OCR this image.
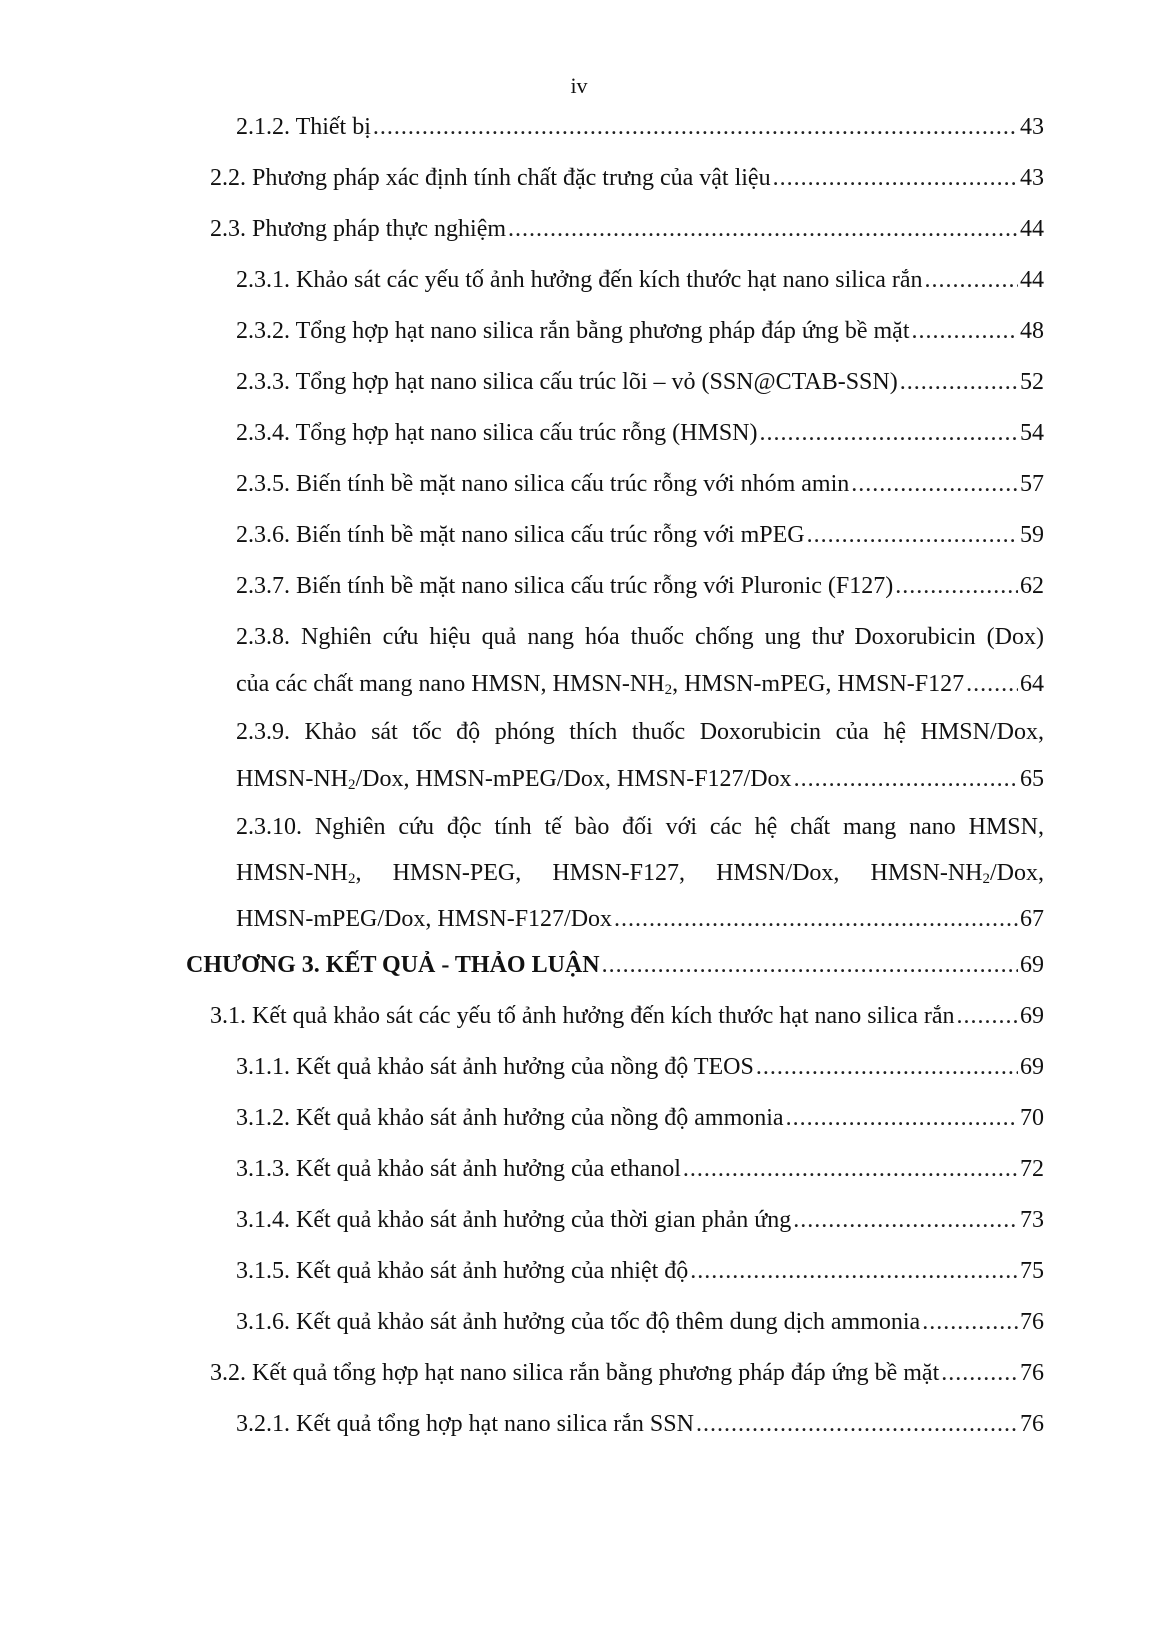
iv
2.1.2. Thiết bị .....	43
2.2. Phương pháp xác định tính chất đặc trưng của vật liệu .....	43
2.3. Phương pháp thực nghiệm .....	44
2.3.1. Khảo sát các yếu tố ảnh hưởng đến kích thước hạt nano silica rắn .....	44
2.3.2. Tổng hợp hạt nano silica rắn bằng phương pháp đáp ứng bề mặt .....	48
2.3.3. Tổng hợp hạt nano silica cấu trúc lõi – vỏ (SSN@CTAB-SSN) .....	52
2.3.4. Tổng hợp hạt nano silica cấu trúc rỗng (HMSN) .....	54
2.3.5. Biến tính bề mặt nano silica cấu trúc rỗng với nhóm amin .....	57
2.3.6. Biến tính bề mặt nano silica cấu trúc rỗng với mPEG .....	59
2.3.7. Biến tính bề mặt nano silica cấu trúc rỗng với Pluronic (F127) .....	62
2.3.8. Nghiên cứu hiệu quả nang hóa thuốc chống ung thư Doxorubicin (Dox)
của các chất mang nano HMSN, HMSN-$NH_2$, HMSN-mPEG, HMSN-F127 ..... 64
2.3.9. Khảo sát tốc độ phóng thích thuốc Doxorubicin của hệ HMSN/Dox,
HMSN-$NH_2$/Dox, HMSN-mPEG/Dox, HMSN-F127/Dox .....	65
2.3.10. Nghiên cứu độc tính tế bào đối với các hệ chất mang nano HMSN,
HMSN-$NH_2$, HMSN-PEG, HMSN-F127, HMSN/Dox, HMSN-$NH_2$/Dox,
HMSN-mPEG/Dox, HMSN-F127/Dox .....	67
CHƯƠNG 3. KẾT QUẢ - THẢO LUẬN .....	69
3.1. Kết quả khảo sát các yếu tố ảnh hưởng đến kích thước hạt nano silica rắn .....	69
3.1.1. Kết quả khảo sát ảnh hưởng của nồng độ TEOS .....	69
3.1.2. Kết quả khảo sát ảnh hưởng của nồng độ ammonia .....	70
3.1.3. Kết quả khảo sát ảnh hưởng của ethanol .....	72
3.1.4. Kết quả khảo sát ảnh hưởng của thời gian phản ứng .....	73
3.1.5. Kết quả khảo sát ảnh hưởng của nhiệt độ .....	75
3.1.6. Kết quả khảo sát ảnh hưởng của tốc độ thêm dung dịch ammonia .....	76
3.2. Kết quả tổng hợp hạt nano silica rắn bằng phương pháp đáp ứng bề mặt .....	76
3.2.1. Kết quả tổng hợp hạt nano silica rắn SSN .....	76
